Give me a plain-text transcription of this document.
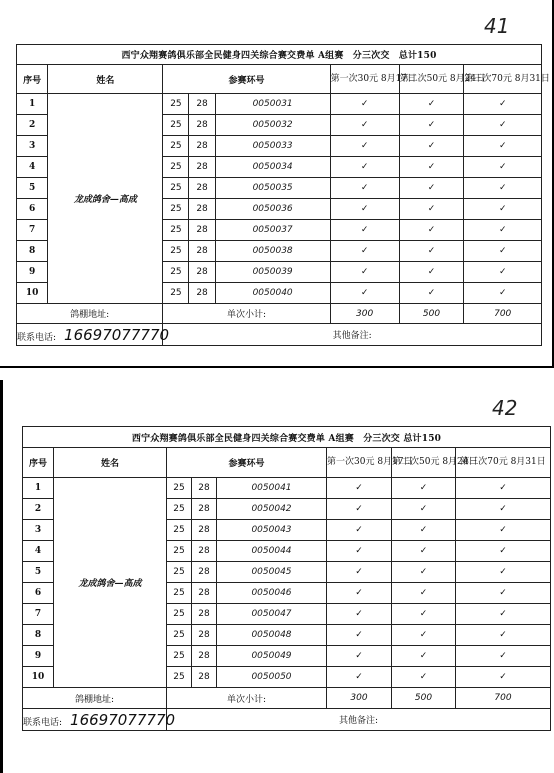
41
西宁众翔赛鸽俱乐部全民健身四关综合赛交费单 A组赛　分三次交　总计150							
序号	姓名	参赛环号			第一次30元 8月17日	第二次50元 8月24日	第三次70元 8月31日
1	龙成鸽舍—高成	25	28	0050031	✓	✓	✓
2		25	28	0050032	✓	✓	✓
3		25	28	0050033	✓	✓	✓
4		25	28	0050034	✓	✓	✓
5		25	28	0050035	✓	✓	✓
6		25	28	0050036	✓	✓	✓
7		25	28	0050037	✓	✓	✓
8		25	28	0050038	✓	✓	✓
9		25	28	0050039	✓	✓	✓
10		25	28	0050040	✓	✓	✓
鸽棚地址:		单次小计:			300	500	700
联系电话: 16697077770		其他备注:					
42
西宁众翔赛鸽俱乐部全民健身四关综合赛交费单 A组赛　分三次交 总计150							
序号	姓名	参赛环号			第一次30元 8月17日	第二次50元 8月24日	第三次70元 8月31日
1	龙成鸽舍—高成	25	28	0050041	✓	✓	✓
2		25	28	0050042	✓	✓	✓
3		25	28	0050043	✓	✓	✓
4		25	28	0050044	✓	✓	✓
5		25	28	0050045	✓	✓	✓
6		25	28	0050046	✓	✓	✓
7		25	28	0050047	✓	✓	✓
8		25	28	0050048	✓	✓	✓
9		25	28	0050049	✓	✓	✓
10		25	28	0050050	✓	✓	✓
鸽棚地址:		单次小计:			300	500	700
联系电话: 16697077770		其他备注:					
